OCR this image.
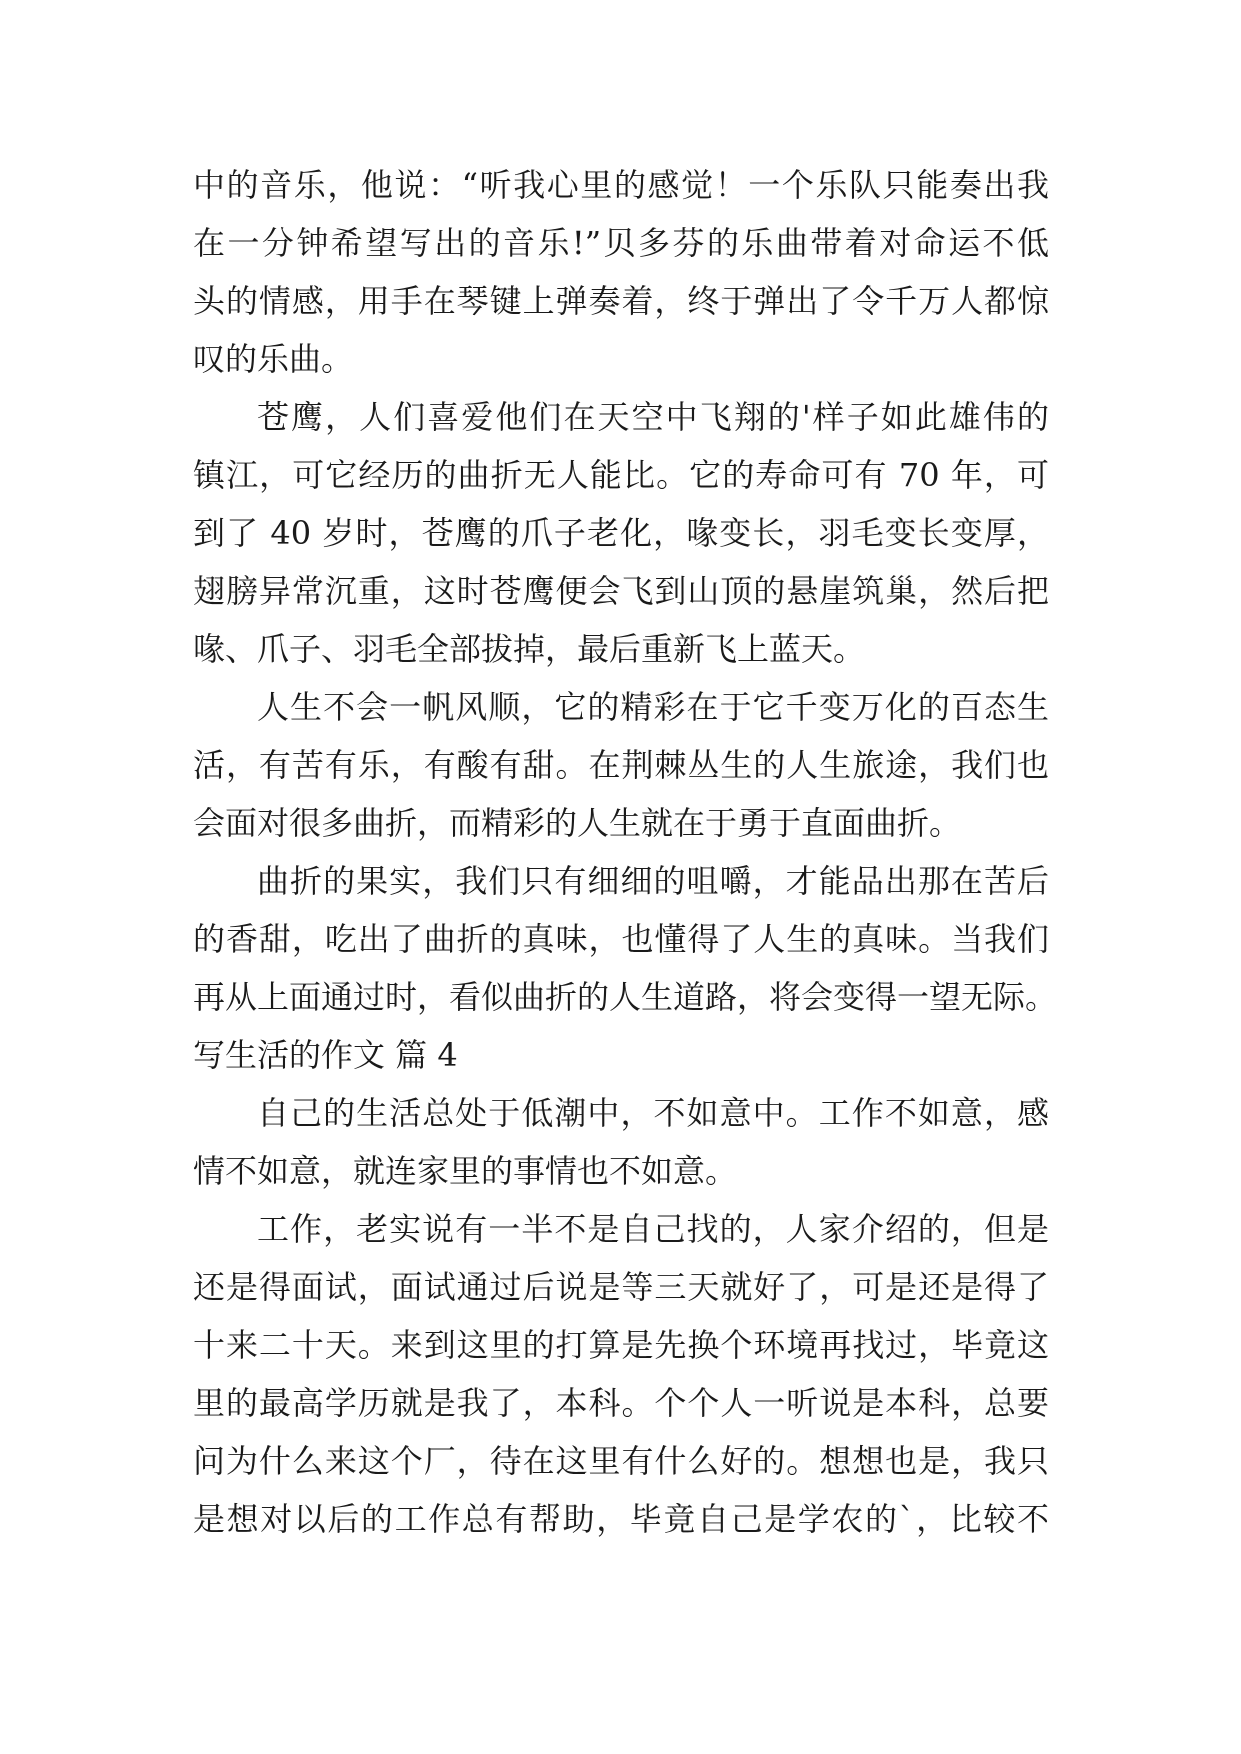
中的音乐，他说：“听我心里的感觉！一个乐队只能奏出我
在一分钟希望写出的音乐!”贝多芬的乐曲带着对命运不低
头的情感，用手在琴键上弹奏着，终于弹出了令千万人都惊
叹的乐曲。
苍鹰，人们喜爱他们在天空中飞翔的'样子如此雄伟的
镇江，可它经历的曲折无人能比。它的寿命可有 70 年，可
到了 40 岁时，苍鹰的爪子老化，喙变长，羽毛变长变厚，
翅膀异常沉重，这时苍鹰便会飞到山顶的悬崖筑巢，然后把
喙、爪子、羽毛全部拔掉，最后重新飞上蓝天。
人生不会一帆风顺，它的精彩在于它千变万化的百态生
活，有苦有乐，有酸有甜。在荆棘丛生的人生旅途，我们也
会面对很多曲折，而精彩的人生就在于勇于直面曲折。
曲折的果实，我们只有细细的咀嚼，才能品出那在苦后
的香甜，吃出了曲折的真味，也懂得了人生的真味。当我们
再从上面通过时，看似曲折的人生道路，将会变得一望无际。
写生活的作文 篇 4
自己的生活总处于低潮中，不如意中。工作不如意，感
情不如意，就连家里的事情也不如意。
工作，老实说有一半不是自己找的，人家介绍的，但是
还是得面试，面试通过后说是等三天就好了，可是还是得了
十来二十天。来到这里的打算是先换个环境再找过，毕竟这
里的最高学历就是我了，本科。个个人一听说是本科，总要
问为什么来这个厂，待在这里有什么好的。想想也是，我只
是想对以后的工作总有帮助，毕竟自己是学农的`，比较不
